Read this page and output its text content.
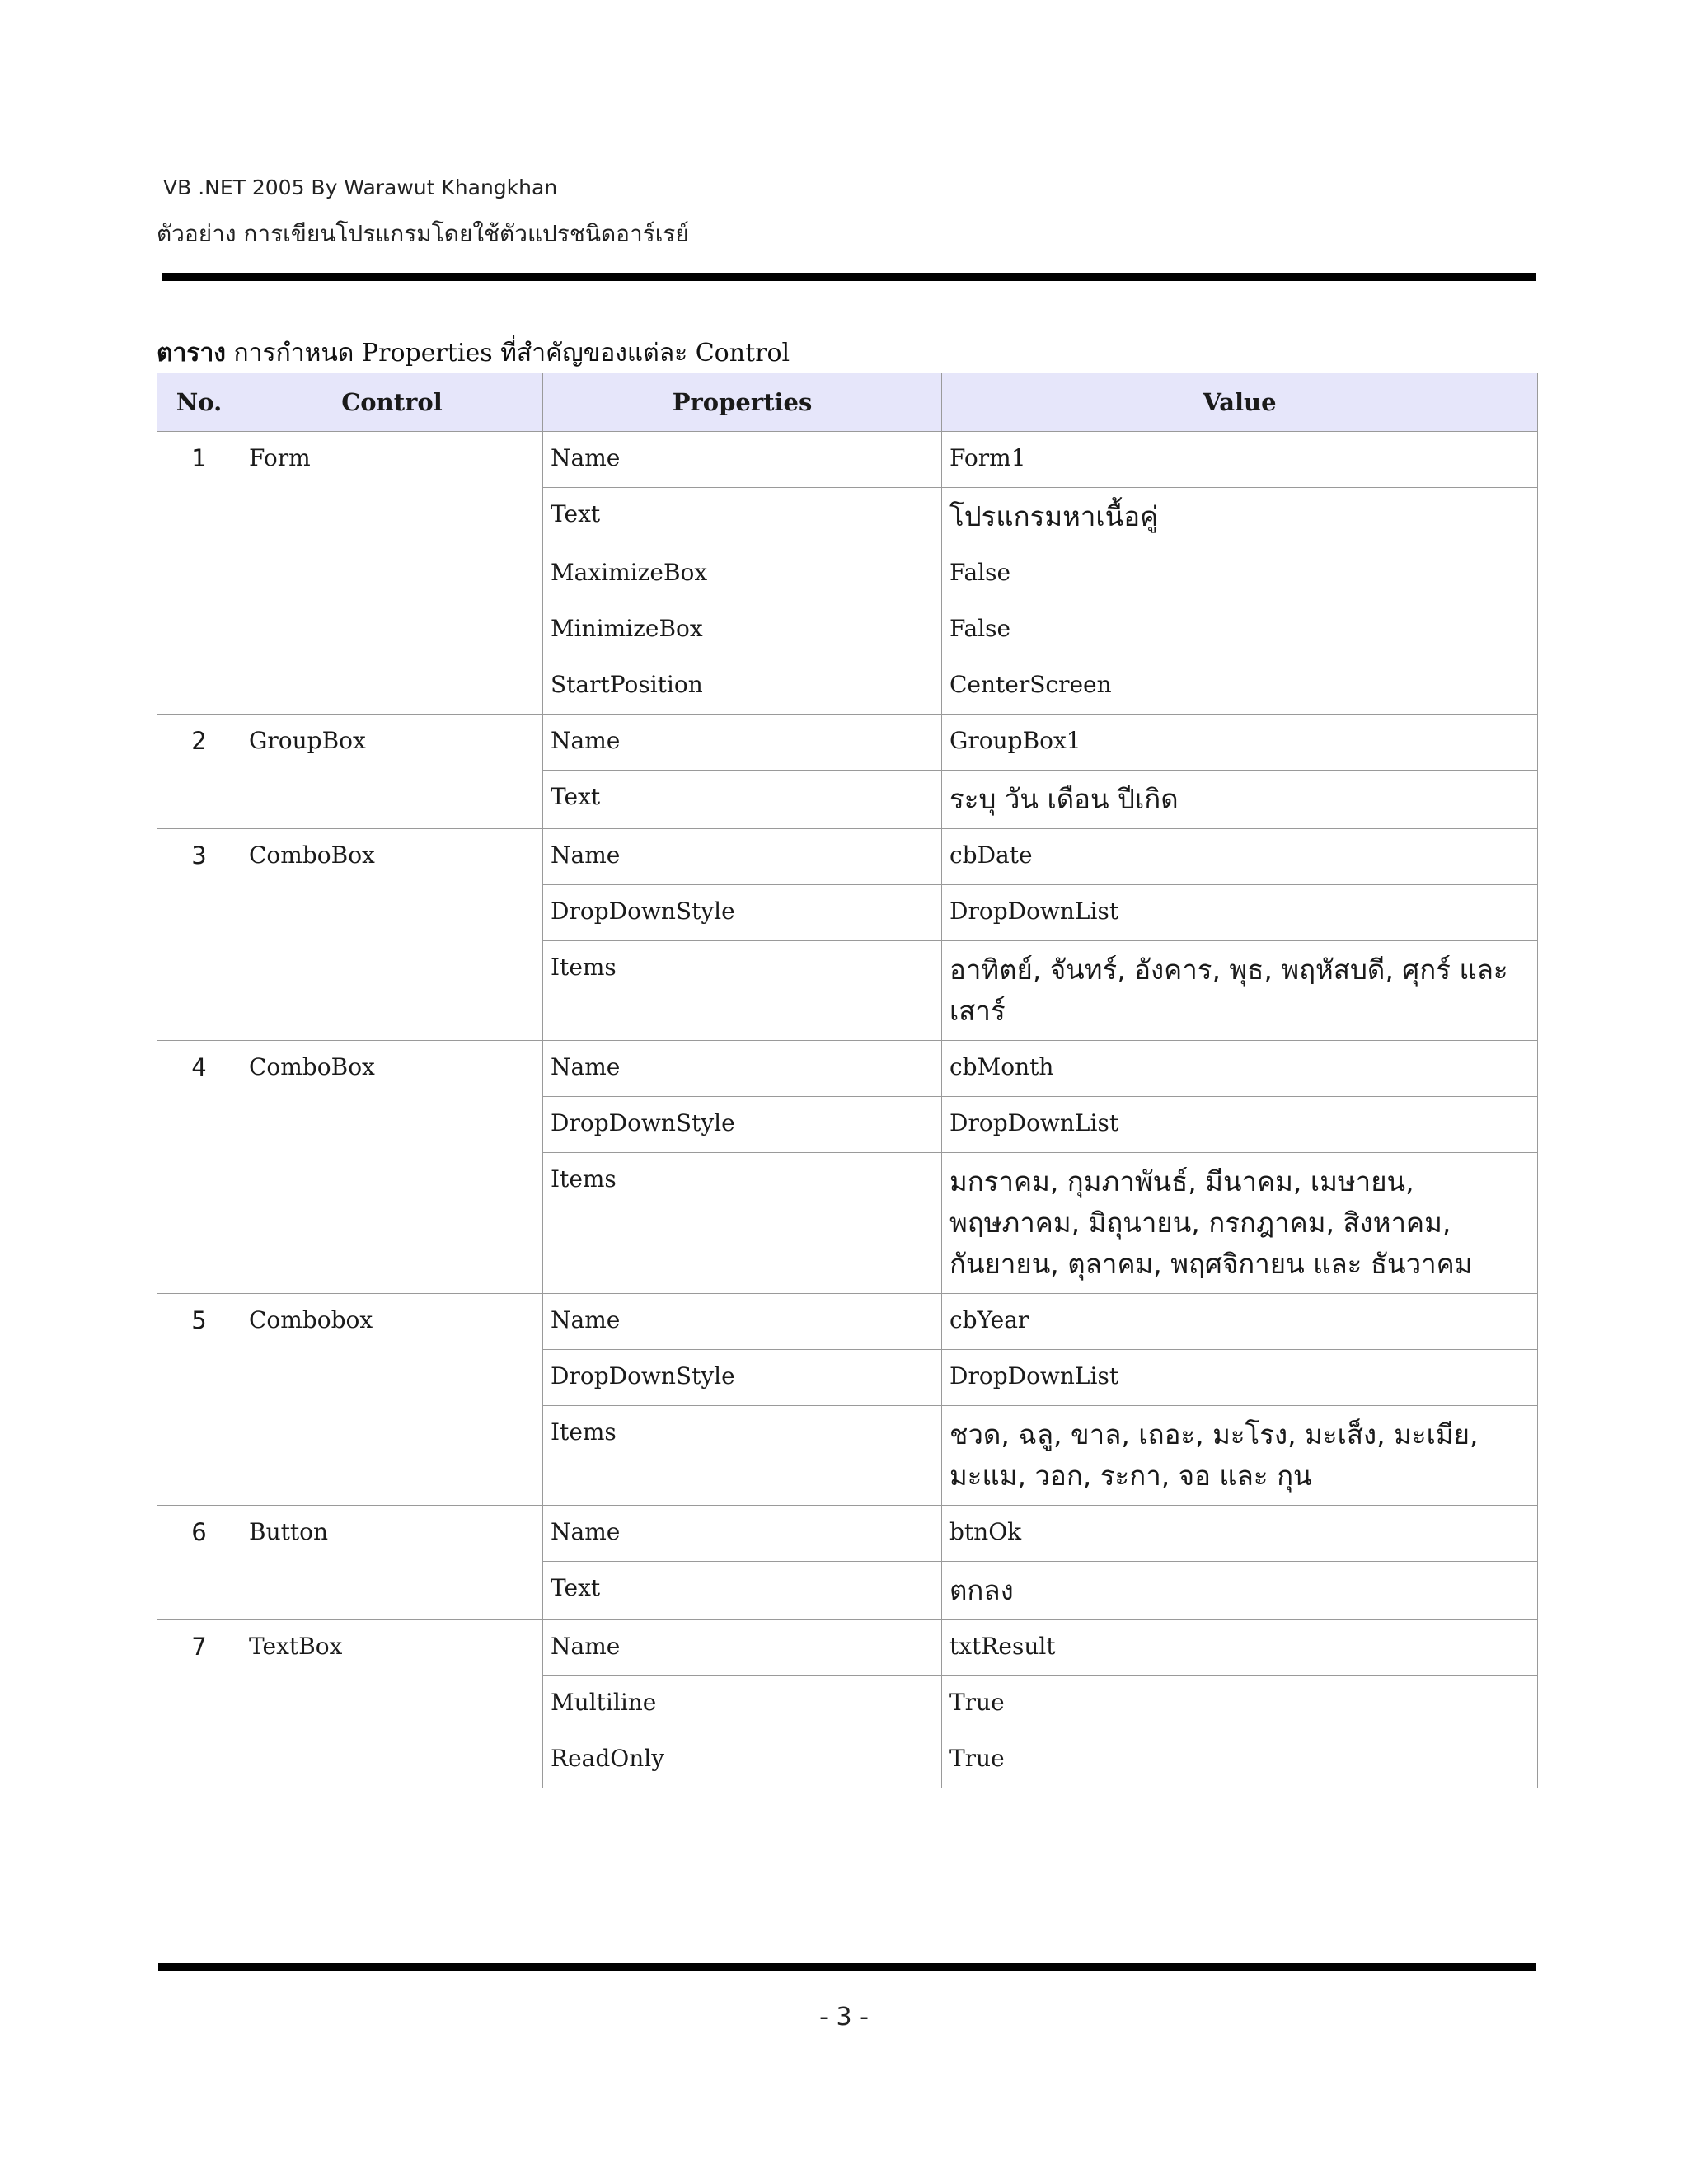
VB .NET 2005 By Warawut Khangkhan
ตัวอย่าง การเขียนโปรแกรมโดยใช้ตัวแปรชนิดอาร์เรย์
ตาราง การกำหนด Properties ที่สำคัญของแต่ละ Control
No.	Control	Properties	Value
1	Form	Name	Form1
		Text	โปรแกรมหาเนื้อคู่
		MaximizeBox	False
		MinimizeBox	False
		StartPosition	CenterScreen
2	GroupBox	Name	GroupBox1
		Text	ระบุ วัน เดือน ปีเกิด
3	ComboBox	Name	cbDate
		DropDownStyle	DropDownList
		Items	อาทิตย์, จันทร์, อังคาร, พุธ, พฤหัสบดี, ศุกร์ และ เสาร์
4	ComboBox	Name	cbMonth
		DropDownStyle	DropDownList
		Items	มกราคม, กุมภาพันธ์, มีนาคม, เมษายน, พฤษภาคม, มิถุนายน, กรกฎาคม, สิงหาคม, กันยายน, ตุลาคม, พฤศจิกายน และ ธันวาคม
5	Combobox	Name	cbYear
		DropDownStyle	DropDownList
		Items	ชวด, ฉลู, ขาล, เถอะ, มะโรง, มะเส็ง, มะเมีย, มะแม, วอก, ระกา, จอ และ กุน
6	Button	Name	btnOk
		Text	ตกลง
7	TextBox	Name	txtResult
		Multiline	True
		ReadOnly	True
- 3 -
